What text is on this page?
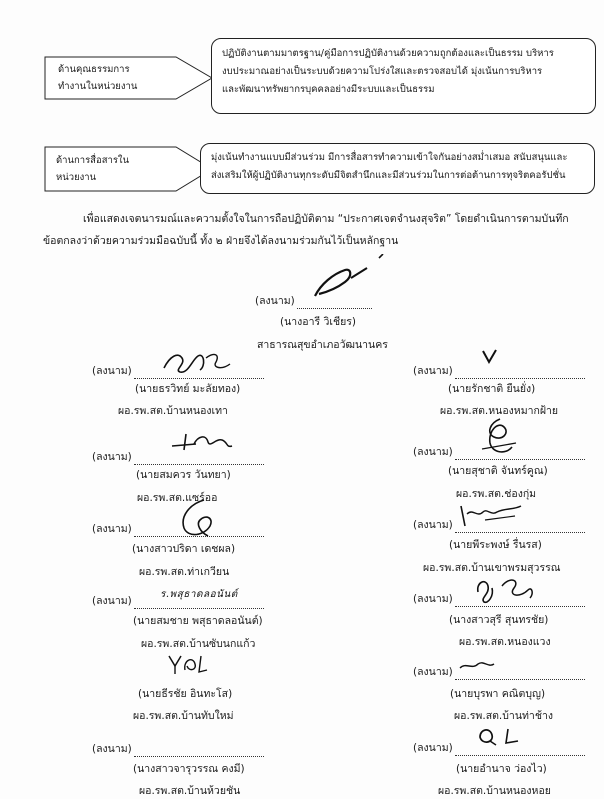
ด้านคุณธรรมการ
ทำงานในหน่วยงาน
ปฏิบัติงานตามมาตรฐาน/คู่มือการปฏิบัติงานด้วยความถูกต้องและเป็นธรรม บริหาร
งบประมาณอย่างเป็นระบบด้วยความโปร่งใสและตรวจสอบได้ มุ่งเน้นการบริหาร
และพัฒนาทรัพยากรบุคคลอย่างมีระบบและเป็นธรรม
ด้านการสื่อสารใน
หน่วยงาน
มุ่งเน้นทำงานแบบมีส่วนร่วม มีการสื่อสารทำความเข้าใจกันอย่างสม่ำเสมอ สนับสนุนและ
ส่งเสริมให้ผู้ปฏิบัติงานทุกระดับมีจิตสำนึกและมีส่วนร่วมในการต่อต้านการทุจริตคอรัปชั่น
เพื่อแสดงเจตนารมณ์และความตั้งใจในการถือปฏิบัติตาม “ประกาศเจตจำนงสุจริต” โดยดำเนินการตามบันทึก
ข้อตกลงว่าด้วยความร่วมมือฉบับนี้ ทั้ง ๒ ฝ่ายจึงได้ลงนามร่วมกันไว้เป็นหลักฐาน
(ลงนาม)
(นางอารี วิเชียร)
สาธารณสุขอำเภอวัฒนานคร
(ลงนาม)
(นายธรวิทย์ มะลัยทอง)
ผอ.รพ.สต.บ้านหนองเทา
(ลงนาม)
(นายสมควร วันทยา)
ผอ.รพ.สต.แซร์ออ
(ลงนาม)
(นางสาวปริดา เดชผล)
ผอ.รพ.สต.ท่าเกวียน
(ลงนาม)
ร.พสุธาดลอนันต์
(นายสมชาย พสุธาดลอนันต์)
ผอ.รพ.สต.บ้านซับนกแก้ว
(นายธีรชัย อินทะโส)
ผอ.รพ.สต.บ้านทับใหม่
(ลงนาม)
(นางสาวจารุวรรณ คงมี)
ผอ.รพ.สต.บ้านห้วยชัน
(ลงนาม)
(นายรักชาติ ยืนยั่ง)
ผอ.รพ.สต.หนองหมากฝ้าย
(ลงนาม)
(นายสุชาติ จันทร์คูณ)
ผอ.รพ.สต.ช่องกุ่ม
(ลงนาม)
(นายพีระพงษ์ รื่นรส)
ผอ.รพ.สต.บ้านเขาพรมสุวรรณ
(ลงนาม)
(นางสาวสุรี สุนทรชัย)
ผอ.รพ.สต.หนองแวง
(ลงนาม)
(นายบุรพา คณิตบุญ)
ผอ.รพ.สต.บ้านท่าช้าง
(ลงนาม)
(นายอำนาจ ว่องไว)
ผอ.รพ.สต.บ้านหนองหอย
